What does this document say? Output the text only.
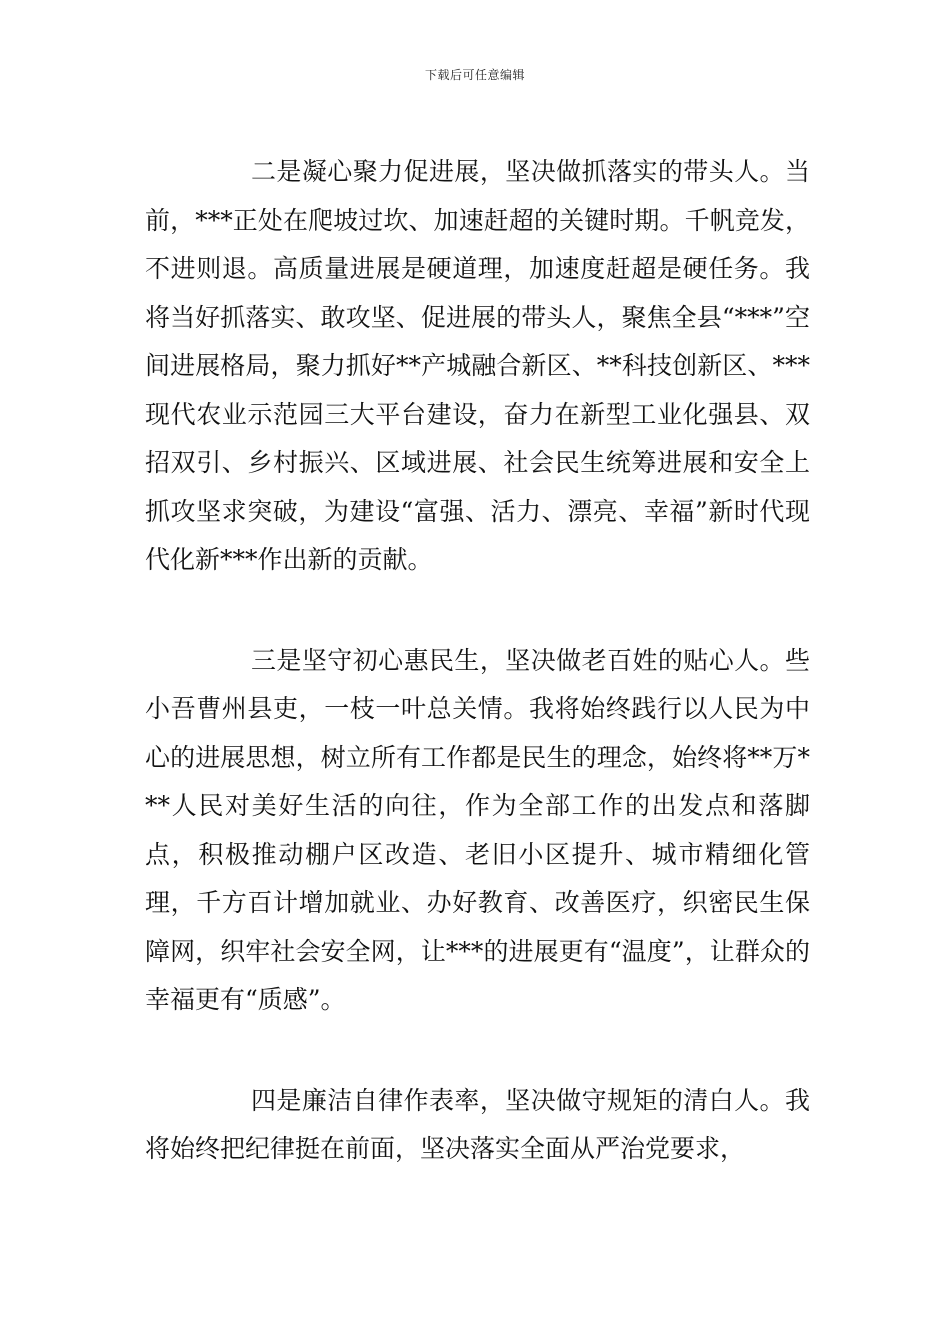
下载后可任意编辑

二是凝心聚力促进展，坚决做抓落实的带头人。当前，***正处在爬坡过坎、加速赶超的关键时期。千帆竞发，不进则退。高质量进展是硬道理，加速度赶超是硬任务。我将当好抓落实、敢攻坚、促进展的带头人，聚焦全县“***”空间进展格局，聚力抓好**产城融合新区、**科技创新区、***现代农业示范园三大平台建设，奋力在新型工业化强县、双招双引、乡村振兴、区域进展、社会民生统筹进展和安全上抓攻坚求突破，为建设“富强、活力、漂亮、幸福”新时代现代化新***作出新的贡献。

三是坚守初心惠民生，坚决做老百姓的贴心人。些小吾曹州县吏，一枝一叶总关情。我将始终践行以人民为中心的进展思想，树立所有工作都是民生的理念，始终将**万***人民对美好生活的向往，作为全部工作的出发点和落脚点，积极推动棚户区改造、老旧小区提升、城市精细化管理，千方百计增加就业、办好教育、改善医疗，织密民生保障网，织牢社会安全网，让***的进展更有“温度”，让群众的幸福更有“质感”。

四是廉洁自律作表率，坚决做守规矩的清白人。我将始终把纪律挺在前面，坚决落实全面从严治党要求，
